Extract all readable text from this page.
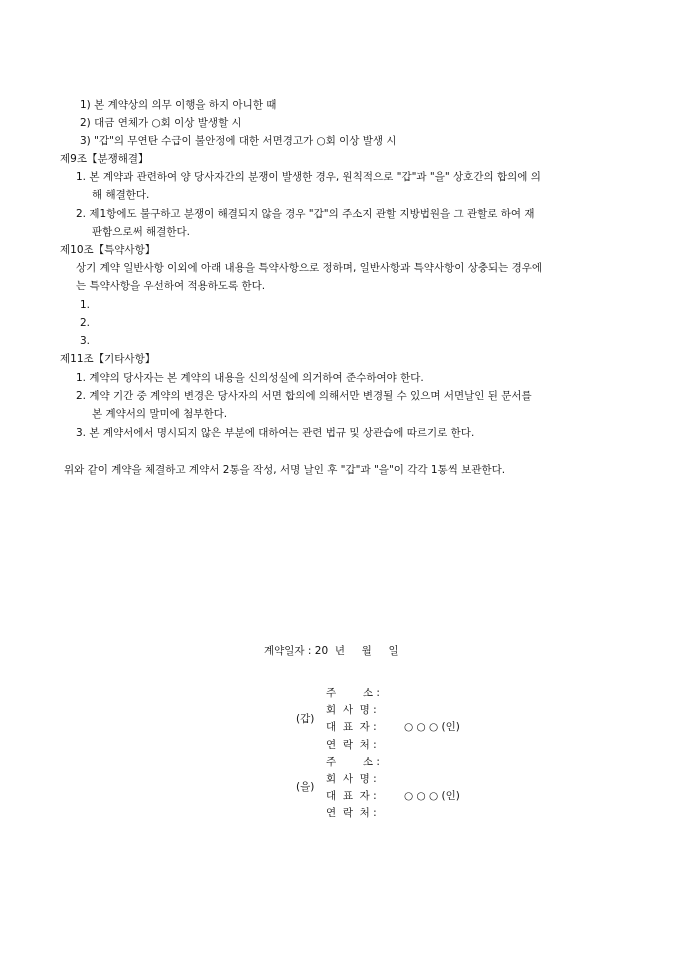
1) 본 계약상의 의무 이행을 하지 아니한 때
2) 대금 연체가 ○회 이상 발생할 시
3) "갑"의 무연탄 수급이 불안정에 대한 서면경고가 ○회 이상 발생 시
제9조【분쟁해결】
1. 본 계약과 관련하여 양 당사자간의 분쟁이 발생한 경우, 원칙적으로 "갑"과 "을" 상호간의 합의에 의
해 해결한다.
2. 제1항에도 불구하고 분쟁이 해결되지 않을 경우 "갑"의 주소지 관할 지방법원을 그 관할로 하여 재
판함으로써 해결한다.
제10조【특약사항】
상기 계약 일반사항 이외에 아래 내용을 특약사항으로 정하며, 일반사항과 특약사항이 상충되는 경우에
는 특약사항을 우선하여 적용하도록 한다.
1.
2.
3.
제11조【기타사항】
1. 계약의 당사자는 본 계약의 내용을 신의성실에 의거하여 준수하여야 한다.
2. 계약 기간 중 계약의 변경은 당사자의 서면 합의에 의해서만 변경될 수 있으며 서면날인 된 문서를
본 계약서의 말미에 첨부한다.
3. 본 계약서에서 명시되지 않은 부분에 대하여는 관련 법규 및 상관습에 따르기로 한다.
위와 같이 계약을 체결하고 계약서 2통을 작성, 서명 날인 후 "갑"과 "을"이 각각 1통씩 보관한다.
계약일자 : 20  년     월     일
(갑)
주        소 :
회  사  명 :
대  표  자 :	○ ○ ○ (인)
연  락  처 :
(을)
주        소 :
회  사  명 :
대  표  자 :	○ ○ ○ (인)
연  락  처 :
